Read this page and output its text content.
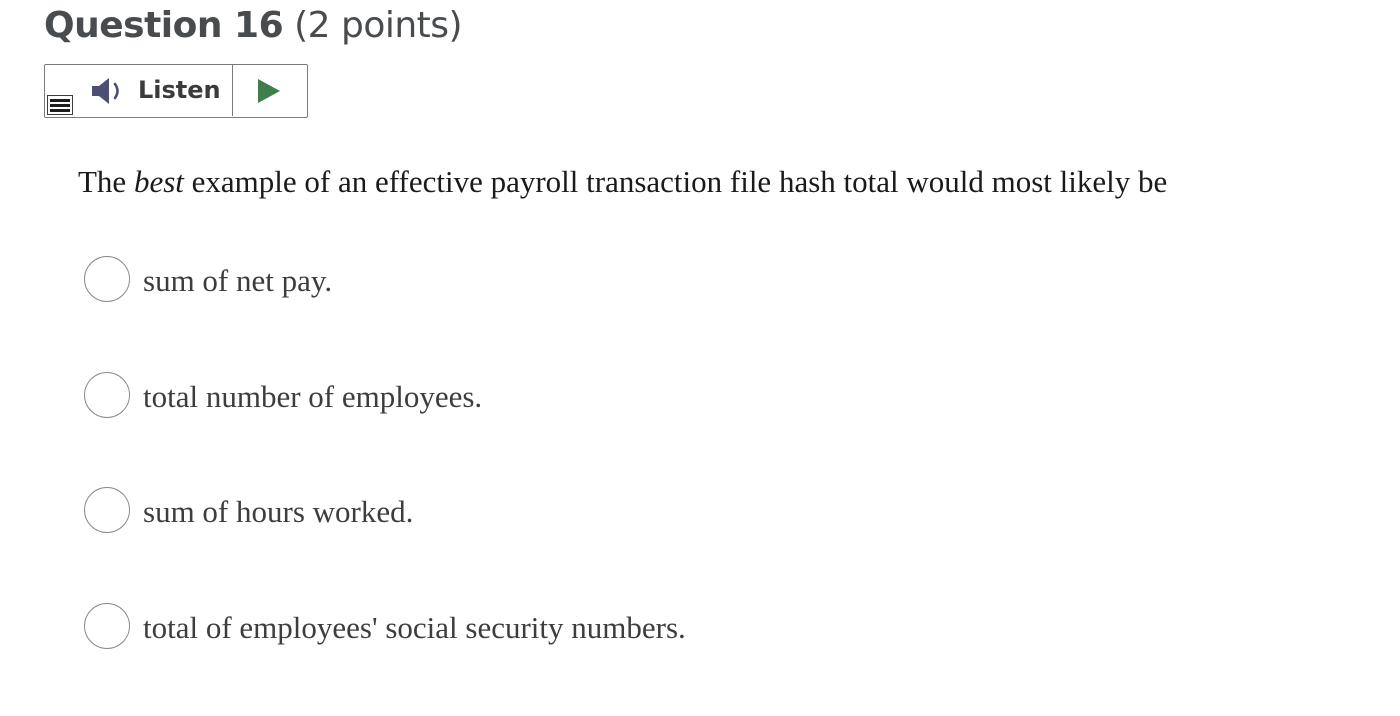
Question 16 (2 points)
Listen
The best example of an effective payroll transaction file hash total would most likely be
sum of net pay.
total number of employees.
sum of hours worked.
total of employees' social security numbers.
